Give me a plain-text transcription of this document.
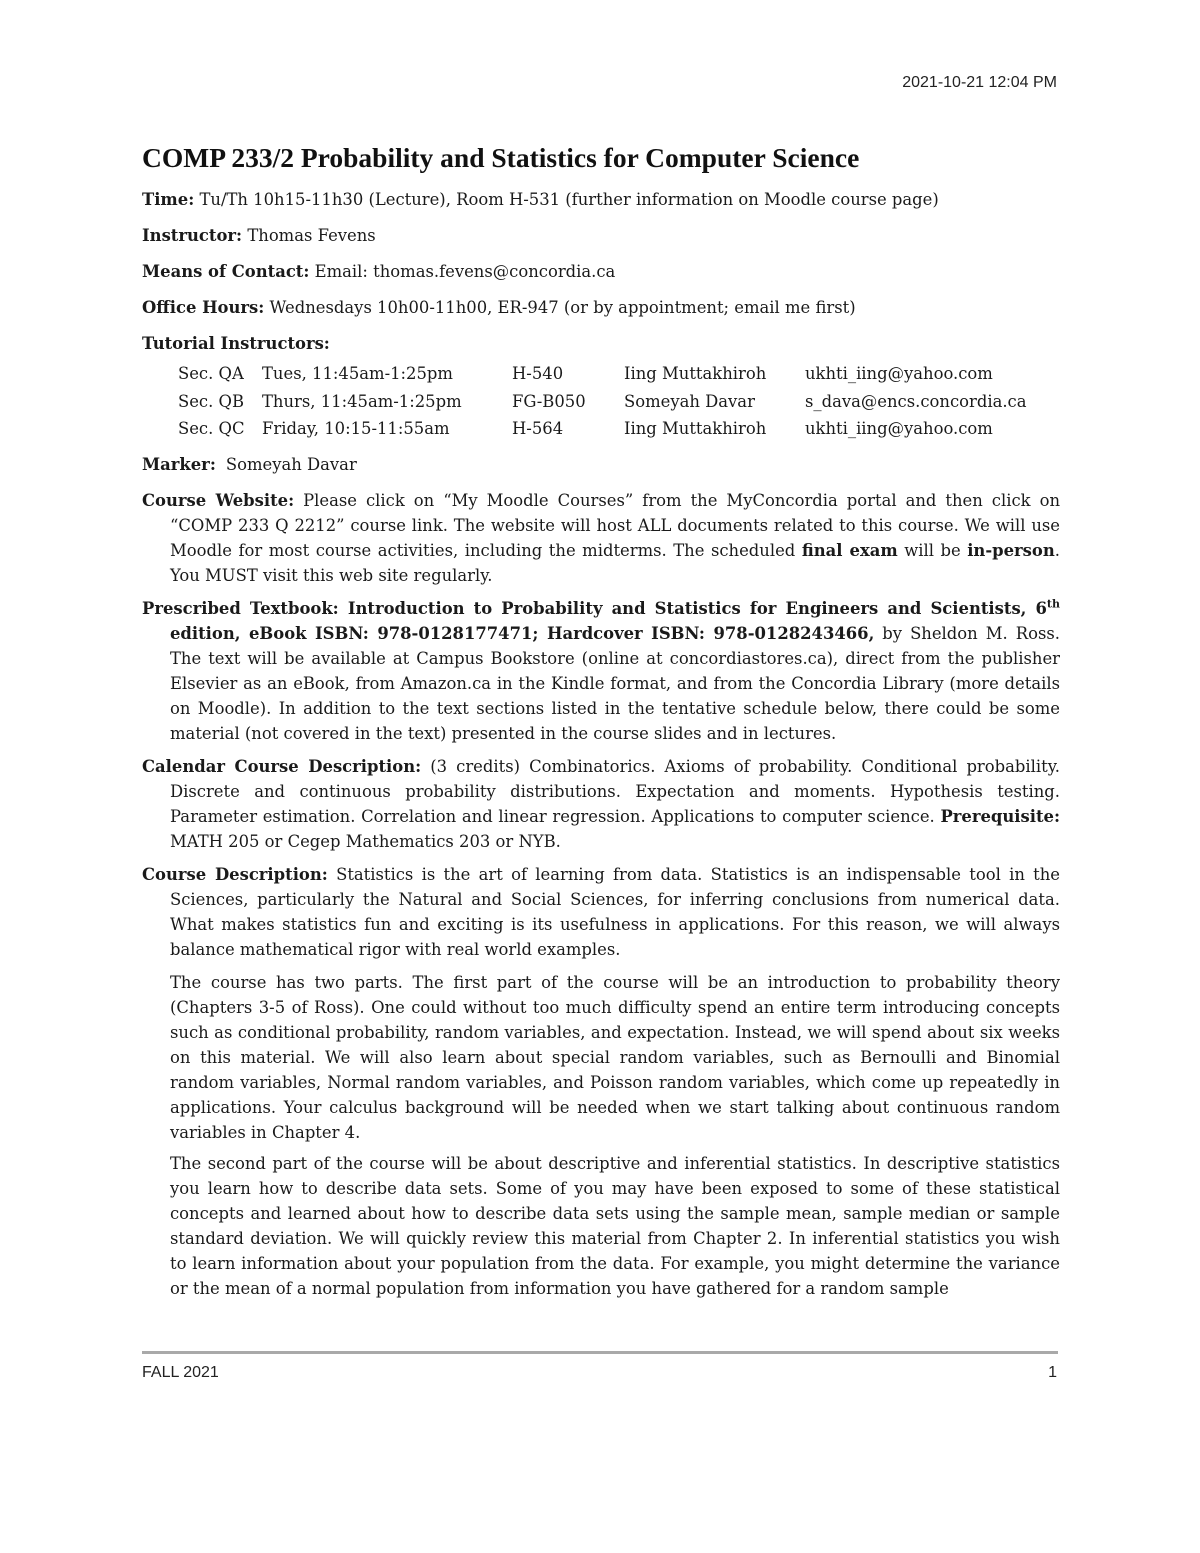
2021-10-21 12:04 PM
COMP 233/2 Probability and Statistics for Computer Science
Time: Tu/Th 10h15-11h30 (Lecture), Room H-531 (further information on Moodle course page)
Instructor: Thomas Fevens
Means of Contact: Email: thomas.fevens@concordia.ca
Office Hours: Wednesdays 10h00-11h00, ER-947 (or by appointment; email me first)
Tutorial Instructors:
Sec. QA	Tues, 11:45am-1:25pm	H-540	Iing Muttakhiroh	ukhti_iing@yahoo.com
Sec. QB	Thurs, 11:45am-1:25pm	FG-B050	Someyah Davar	s_dava@encs.concordia.ca
Sec. QC	Friday, 10:15-11:55am	H-564	Iing Muttakhiroh	ukhti_iing@yahoo.com
Marker: Someyah Davar

Course Website: Please click on “My Moodle Courses” from the MyConcordia portal and then click on “COMP 233 Q 2212” course link. The website will host ALL documents related to this course. We will use Moodle for most course activities, including the midterms. The scheduled final exam will be in-person. You MUST visit this web site regularly.

Prescribed Textbook: Introduction to Probability and Statistics for Engineers and Scientists, 6th edition, eBook ISBN: 978-0128177471; Hardcover ISBN: 978-0128243466, by Sheldon M. Ross. The text will be available at Campus Bookstore (online at concordiastores.ca), direct from the publisher Elsevier as an eBook, from Amazon.ca in the Kindle format, and from the Concordia Library (more details on Moodle). In addition to the text sections listed in the tentative schedule below, there could be some material (not covered in the text) presented in the course slides and in lectures.

Calendar Course Description: (3 credits) Combinatorics. Axioms of probability. Conditional probability. Discrete and continuous probability distributions. Expectation and moments. Hypothesis testing. Parameter estimation. Correlation and linear regression. Applications to computer science. Prerequisite: MATH 205 or Cegep Mathematics 203 or NYB.

Course Description: Statistics is the art of learning from data. Statistics is an indispensable tool in the Sciences, particularly the Natural and Social Sciences, for inferring conclusions from numerical data. What makes statistics fun and exciting is its usefulness in applications. For this reason, we will always balance mathematical rigor with real world examples.

The course has two parts. The first part of the course will be an introduction to probability theory (Chapters 3-5 of Ross). One could without too much difficulty spend an entire term introducing concepts such as conditional probability, random variables, and expectation. Instead, we will spend about six weeks on this material. We will also learn about special random variables, such as Bernoulli and Binomial random variables, Normal random variables, and Poisson random variables, which come up repeatedly in applications. Your calculus background will be needed when we start talking about continuous random variables in Chapter 4.

The second part of the course will be about descriptive and inferential statistics. In descriptive statistics you learn how to describe data sets. Some of you may have been exposed to some of these statistical concepts and learned about how to describe data sets using the sample mean, sample median or sample standard deviation. We will quickly review this material from Chapter 2. In inferential statistics you wish to learn information about your population from the data. For example, you might determine the variance or the mean of a normal population from information you have gathered for a random sample

FALL 2021	1
